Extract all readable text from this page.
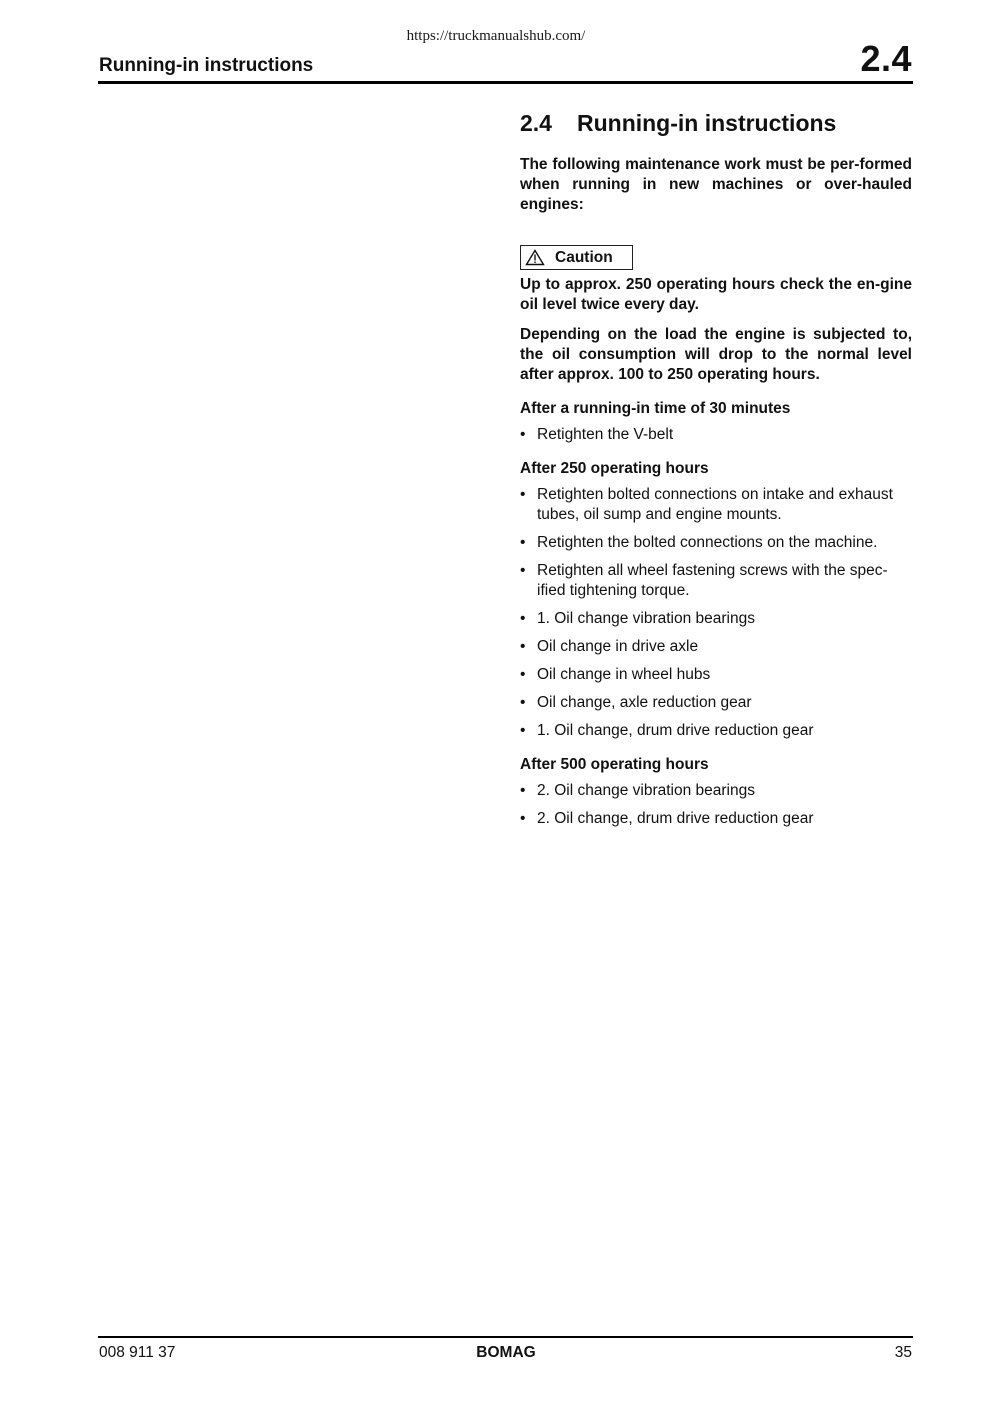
https://truckmanualshub.com/
Running-in instructions	2.4
2.4 Running-in instructions

The following maintenance work must be per-formed when running in new machines or over-hauled engines:

Caution

Up to approx. 250 operating hours check the en-gine oil level twice every day.

Depending on the load the engine is subjected to, the oil consumption will drop to the normal level after approx. 100 to 250 operating hours.

After a running-in time of 30 minutes

• Retighten the V-belt

After 250 operating hours

• Retighten bolted connections on intake and exhaust tubes, oil sump and engine mounts.
• Retighten the bolted connections on the machine.
• Retighten all wheel fastening screws with the spec-ified tightening torque.
• 1. Oil change vibration bearings
• Oil change in drive axle
• Oil change in wheel hubs
• Oil change, axle reduction gear
• 1. Oil change, drum drive reduction gear

After 500 operating hours

• 2. Oil change vibration bearings
• 2. Oil change, drum drive reduction gear
008 911 37	BOMAG	35
